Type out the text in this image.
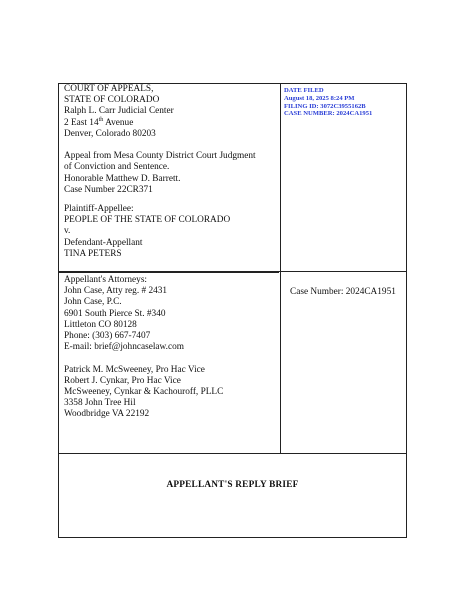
COURT OF APPEALS,
STATE OF COLORADO
Ralph L. Carr Judicial Center
2 East 14th Avenue
Denver, Colorado 80203
Appeal from Mesa County District Court Judgment
of Conviction and Sentence.
Honorable Matthew D. Barrett.
Case Number 22CR371
DATE FILED
August 18, 2025 8:24 PM
FILING ID: 3072C3955162B
CASE NUMBER: 2024CA1951
Plaintiff-Appellee:
PEOPLE OF THE STATE OF COLORADO
v.
Defendant-Appellant
TINA PETERS
Appellant's Attorneys:
John Case, Atty reg. # 2431
John Case, P.C.
6901 South Pierce St. #340
Littleton CO 80128
Phone: (303) 667-7407
E-mail: brief@johncaselaw.com
Patrick M. McSweeney, Pro Hac Vice
Robert J. Cynkar, Pro Hac Vice
McSweeney, Cynkar & Kachouroff, PLLC
3358 John Tree Hil
Woodbridge VA 22192
Case Number: 2024CA1951
APPELLANT'S REPLY BRIEF
